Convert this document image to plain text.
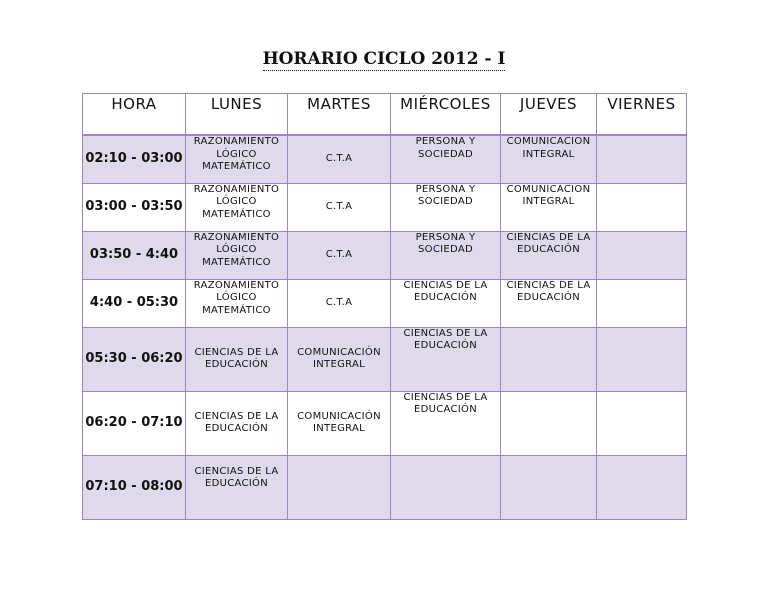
HORARIO CICLO 2012 - I
HORA	LUNES	MARTES	MIÉRCOLES	JUEVES	VIERNES
02:10 - 03:00	RAZONAMIENTO LÓGICO MATEMÁTICO	C.T.A	PERSONA Y SOCIEDAD	COMUNICACIÓN INTEGRAL	
03:00 - 03:50	RAZONAMIENTO LÓGICO MATEMÁTICO	C.T.A	PERSONA Y SOCIEDAD	COMUNICACIÓN INTEGRAL	
03:50 - 4:40	RAZONAMIENTO LÓGICO MATEMÁTICO	C.T.A	PERSONA Y SOCIEDAD	CIENCIAS DE LA EDUCACIÓN	
4:40 - 05:30	RAZONAMIENTO LÓGICO MATEMÁTICO	C.T.A	CIENCIAS DE LA EDUCACIÓN	CIENCIAS DE LA EDUCACIÓN	
05:30 - 06:20	CIENCIAS DE LA EDUCACIÓN	COMUNICACIÓN INTEGRAL	CIENCIAS DE LA EDUCACIÓN		
06:20 - 07:10	CIENCIAS DE LA EDUCACIÓN	COMUNICACIÓN INTEGRAL	CIENCIAS DE LA EDUCACIÓN		
07:10 - 08:00	CIENCIAS DE LA EDUCACIÓN				
